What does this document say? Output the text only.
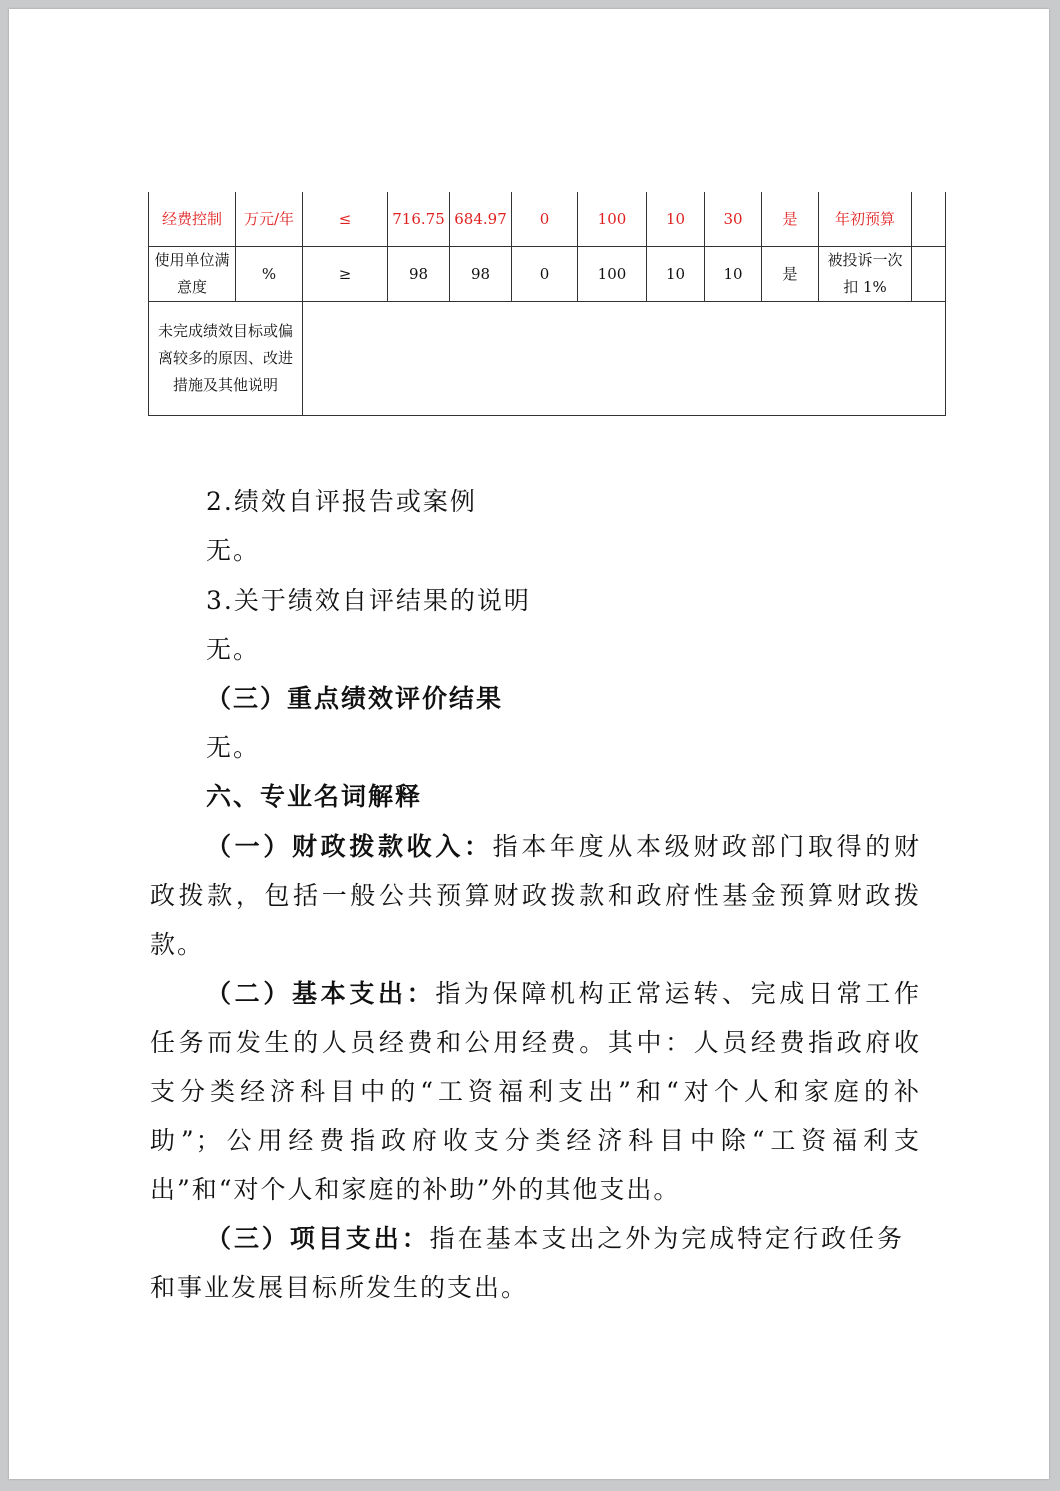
经费控制	万元/年	≤	716.75	684.97	0	100	10	30	是	年初预算	
使用单位满意度	%	≥	98	98	0	100	10	10	是	被投诉一次扣 1%	
未完成绩效目标或偏离较多的原因、改进措施及其他说明											
2.绩效自评报告或案例
无。
3.关于绩效自评结果的说明
无。
（三）重点绩效评价结果
无。
六、专业名词解释
（一）财政拨款收入：指本年度从本级财政部门取得的财
政拨款，包括一般公共预算财政拨款和政府性基金预算财政拨
款。
（二）基本支出：指为保障机构正常运转、完成日常工作
任务而发生的人员经费和公用经费。其中：人员经费指政府收
支分类经济科目中的“工资福利支出”和“对个人和家庭的补
助”；公用经费指政府收支分类经济科目中除“工资福利支
出”和“对个人和家庭的补助”外的其他支出。
（三）项目支出：指在基本支出之外为完成特定行政任务
和事业发展目标所发生的支出。
